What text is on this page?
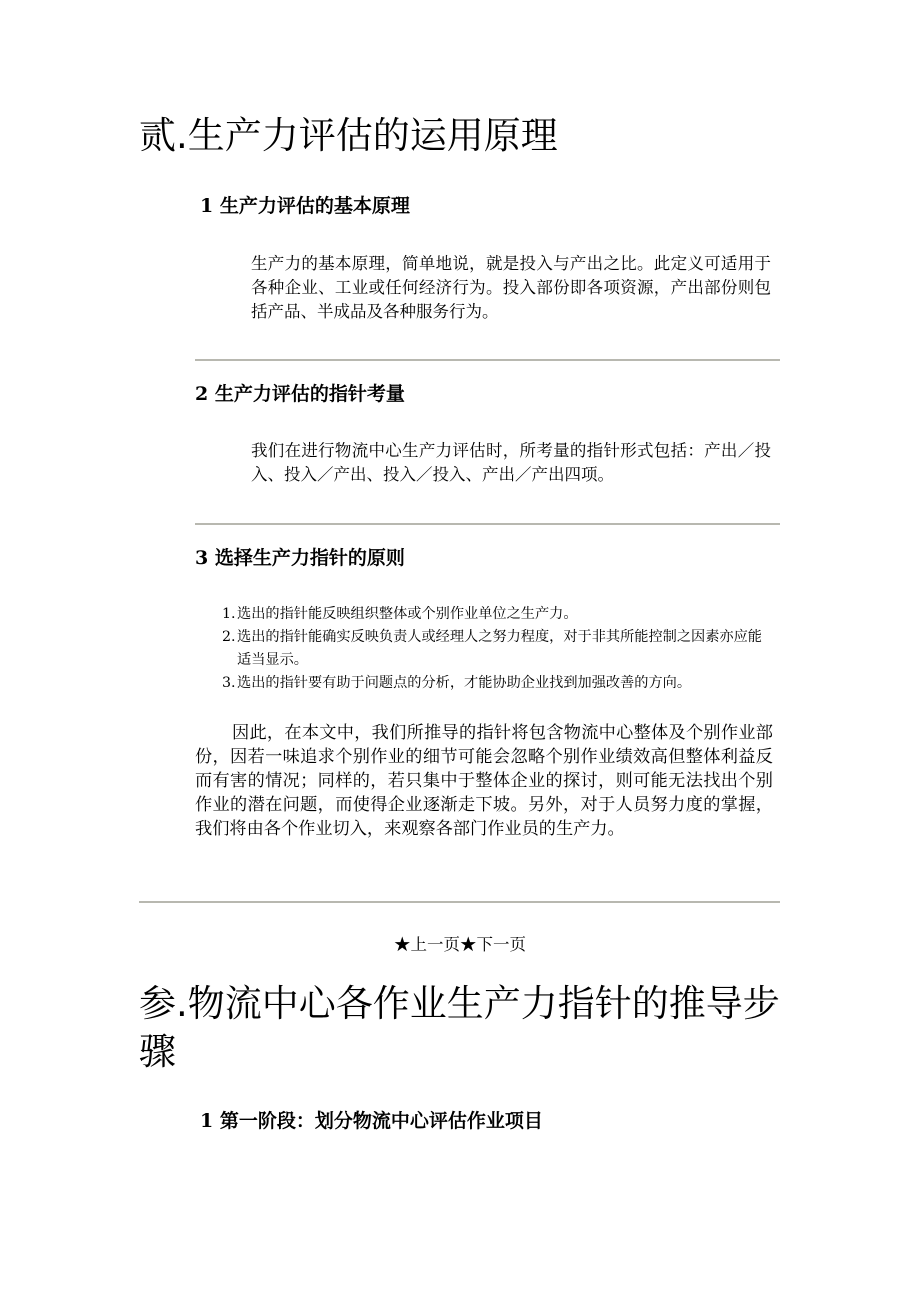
贰.生产力评估的运用原理
1 生产力评估的基本原理

生产力的基本原理，简单地说，就是投入与产出之比。此定义可适用于各种企业、工业或任何经济行为。投入部份即各项资源，产出部份则包括产品、半成品及各种服务行为。

2 生产力评估的指针考量

我们在进行物流中心生产力评估时，所考量的指针形式包括：产出／投入、投入／产出、投入／投入、产出／产出四项。

3 选择生产力指针的原则
1. 选出的指针能反映组织整体或个别作业单位之生产力。
2. 选出的指针能确实反映负责人或经理人之努力程度，对于非其所能控制之因素亦应能适当显示。
3. 选出的指针要有助于问题点的分析，才能协助企业找到加强改善的方向。

因此，在本文中，我们所推导的指针将包含物流中心整体及个别作业部份，因若一味追求个别作业的细节可能会忽略个别作业绩效高但整体利益反而有害的情况；同样的，若只集中于整体企业的探讨，则可能无法找出个别作业的潜在问题，而使得企业逐渐走下坡。另外，对于人员努力度的掌握，我们将由各个作业切入，来观察各部门作业员的生产力。

★上一页★下一页
参.物流中心各作业生产力指针的推导步骤
1 第一阶段：划分物流中心评估作业项目
